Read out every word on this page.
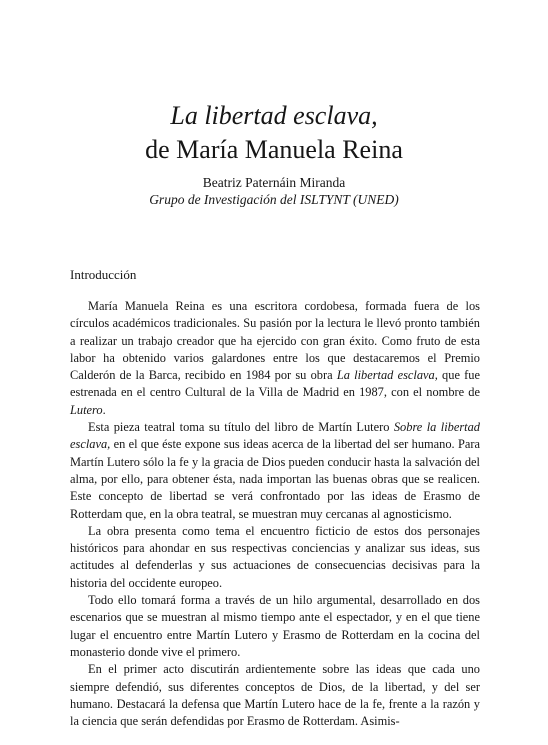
La libertad esclava,
de María Manuela Reina
Beatriz Paternáin Miranda
Grupo de Investigación del ISLTYNT (UNED)
Introducción

María Manuela Reina es una escritora cordobesa, formada fuera de los círculos académicos tradicionales. Su pasión por la lectura le llevó pronto también a realizar un trabajo creador que ha ejercido con gran éxito. Como fruto de esta labor ha obtenido varios galardones entre los que destacaremos el Premio Calderón de la Barca, recibido en 1984 por su obra La libertad esclava, que fue estrenada en el centro Cultural de la Villa de Madrid en 1987, con el nombre de Lutero.

Esta pieza teatral toma su título del libro de Martín Lutero Sobre la libertad esclava, en el que éste expone sus ideas acerca de la libertad del ser humano. Para Martín Lutero sólo la fe y la gracia de Dios pueden conducir hasta la salvación del alma, por ello, para obtener ésta, nada importan las buenas obras que se realicen. Este concepto de libertad se verá confrontado por las ideas de Erasmo de Rotterdam que, en la obra teatral, se muestran muy cercanas al agnosticismo.

La obra presenta como tema el encuentro ficticio de estos dos personajes históricos para ahondar en sus respectivas conciencias y analizar sus ideas, sus actitudes al defenderlas y sus actuaciones de consecuencias decisivas para la historia del occidente europeo.

Todo ello tomará forma a través de un hilo argumental, desarrollado en dos escenarios que se muestran al mismo tiempo ante el espectador, y en el que tiene lugar el encuentro entre Martín Lutero y Erasmo de Rotterdam en la cocina del monasterio donde vive el primero.

En el primer acto discutirán ardientemente sobre las ideas que cada uno siempre defendió, sus diferentes conceptos de Dios, de la libertad, y del ser humano. Destacará la defensa que Martín Lutero hace de la fe, frente a la razón y la ciencia que serán defendidas por Erasmo de Rotterdam. Asimis-
